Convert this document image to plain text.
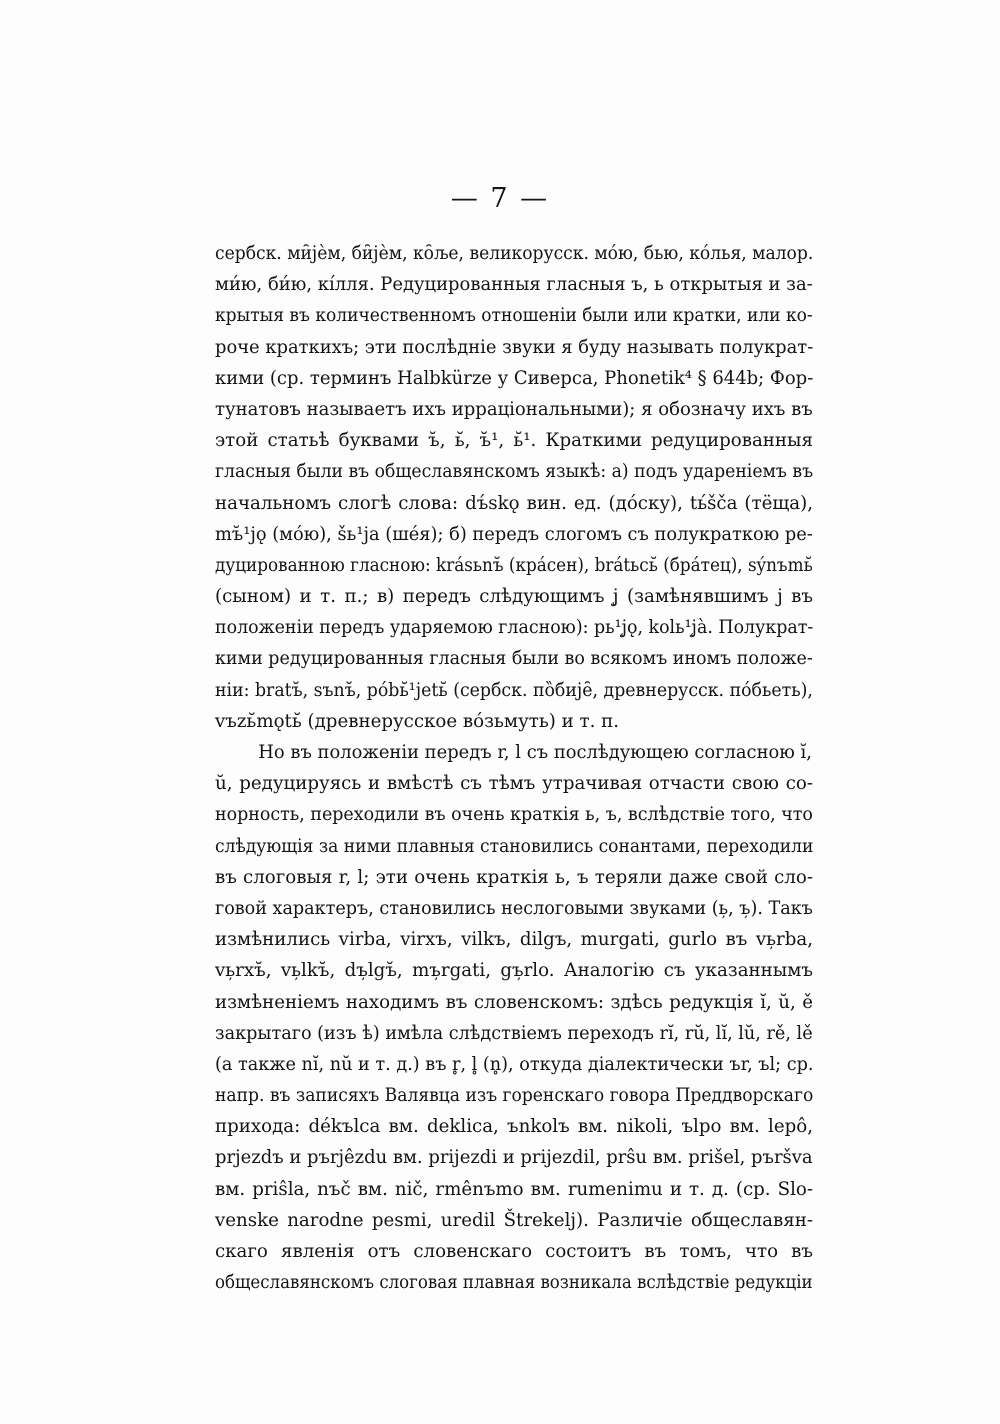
— 7 —
сербск. ми̑јѐм, би̑јѐм, ко̑ље, великорусск. мо́ю, бью, ко́лья, малор.
ми́ю, би́ю, кíлля. Редуцированныя гласныя ъ, ь открытыя и за-
крытыя въ количественномъ отношеніи были или кратки, или ко-
роче краткихъ; эти послѣдніе звуки я буду называть полукрат-
кими (ср. терминъ Halbkürze у Сиверса, Phonetik⁴ § 644b; Фор-
тунатовъ называетъ ихъ ирраціональными); я обозначу ихъ въ
этой статьѣ буквами ъ̆, ь̆, ъ̆¹, ь̆¹. Краткими редуцированныя
гласныя были въ общеславянскомъ языкѣ: а) подъ удареніемъ въ
начальномъ слогѣ слова: dъ́skǫ вин. ед. (до́ску), tь́šča (тёща),
mъ̆¹jǫ (мо́ю), šь¹ja (ше́я); б) передъ слогомъ съ полукраткою ре-
дуцированною гласною: krásьnъ̆ (кра́сен), brátьcь̆ (бра́тец), sýnъmь̆
(сыном) и т. п.; в) передъ слѣдующимъ ј̨ (замѣнявшимъ ј въ
положеніи передъ ударяемою гласною): pь¹ј̨ǫ, kolь¹ј̨à. Полукрат-
кими редуцированныя гласныя были во всякомъ иномъ положе-
ніи: bratъ̆, sъnъ̆, póbь̆¹jetь̆ (сербск. по̏бије̑, древнерусск. по́бьеть),
vъzь̆mǫtь̆ (древнерусское во́зьмуть) и т. п.
Но въ положеніи передъ r, l съ послѣдующею согласною ĭ,
ŭ, редуцируясь и вмѣстѣ съ тѣмъ утрачивая отчасти свою со-
норность, переходили въ очень краткія ь, ъ, вслѣдствіе того, что
слѣдующія за ними плавныя становились сонантами, переходили
въ слоговыя r, l; эти очень краткія ь, ъ теряли даже свой сло-
говой характеръ, становились неслоговыми звуками (ь̦, ъ̦). Такъ
измѣнились virba, virxъ, vilkъ, dilgъ, murgati, gurlo въ vь̦rba,
vь̦rxъ̆, vь̦lkъ̆, dъ̦lgъ̆, mъ̦rgati, gъ̦rlo. Аналогію съ указаннымъ
измѣненіемъ находимъ въ словенскомъ: здѣсь редукція ĭ, ŭ, ě
закрытаго (изъ ѣ) имѣла слѣдствіемъ переходъ rĭ, rŭ, lĭ, lŭ, rě, lě
(а также nĭ, nŭ и т. д.) въ r̥, l̥ (n̥), откуда діалектически ъr, ъl; ср.
напр. въ записяхъ Валявца изъ горенскаго говора Преддворскаго
прихода: dékъlca вм. deklica, ъnkolъ вм. nikoli, ъlpo вм. lepô,
prjezdъ и ръrjêzdu вм. prijezdi и prijezdil, prŝu вм. prišel, ръršva
вм. priŝla, nъč вм. nič, rmênъmo вм. rumenimu и т. д. (ср. Slo-
venske narodne pesmi, uredil Štrekelj). Различіе общеславян-
скаго явленія отъ словенскаго состоитъ въ томъ, что въ
общеславянскомъ слоговая плавная возникала вслѣдствіе редукціи
